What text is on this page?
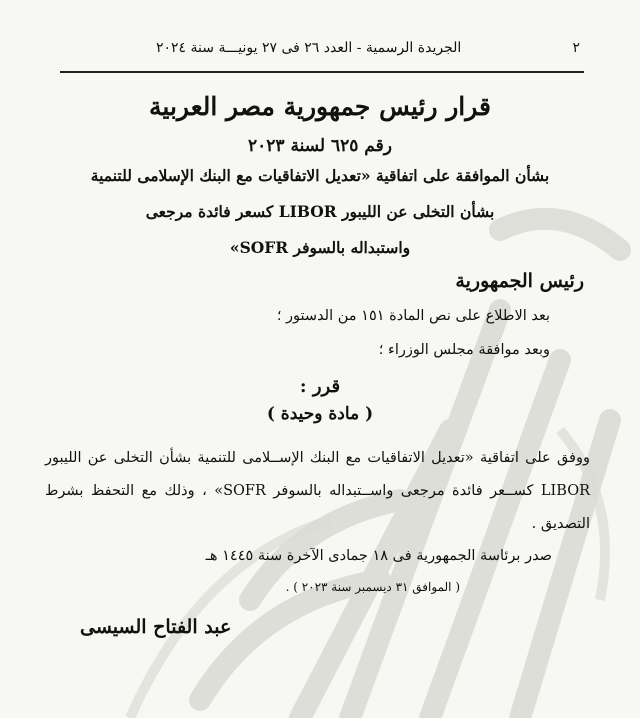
٢
الجريدة الرسمية - العدد ٢٦ فى ٢٧ يونيـــة سنة ٢٠٢٤
قرار رئيس جمهورية مصر العربية
رقم ٦٢٥ لسنة ٢٠٢٣
بشأن الموافقة على اتفاقية «تعديل الاتفاقيات مع البنك الإسلامى للتنمية
بشأن التخلى عن الليبور LIBOR كسعر فائدة مرجعى
واستبداله بالسوفر SOFR»
رئيس الجمهورية
بعد الاطلاع على نص المادة ١٥١ من الدستور ؛
وبعد موافقة مجلس الوزراء ؛
قرر :
( مادة وحيدة )
ووفق على اتفاقية «تعديل الاتفاقيات مع البنك الإســلامى للتنمية بشأن التخلى عن الليبور LIBOR كســعر فائدة مرجعى واســتبداله بالسوفر SOFR» ، وذلك مع التحفظ بشرط التصديق .
صدر برئاسة الجمهورية فى ١٨ جمادى الآخرة سنة ١٤٤٥ هـ
( الموافق ٣١ ديسمبر سنة ٢٠٢٣ ) .
عبد الفتاح السيسى
